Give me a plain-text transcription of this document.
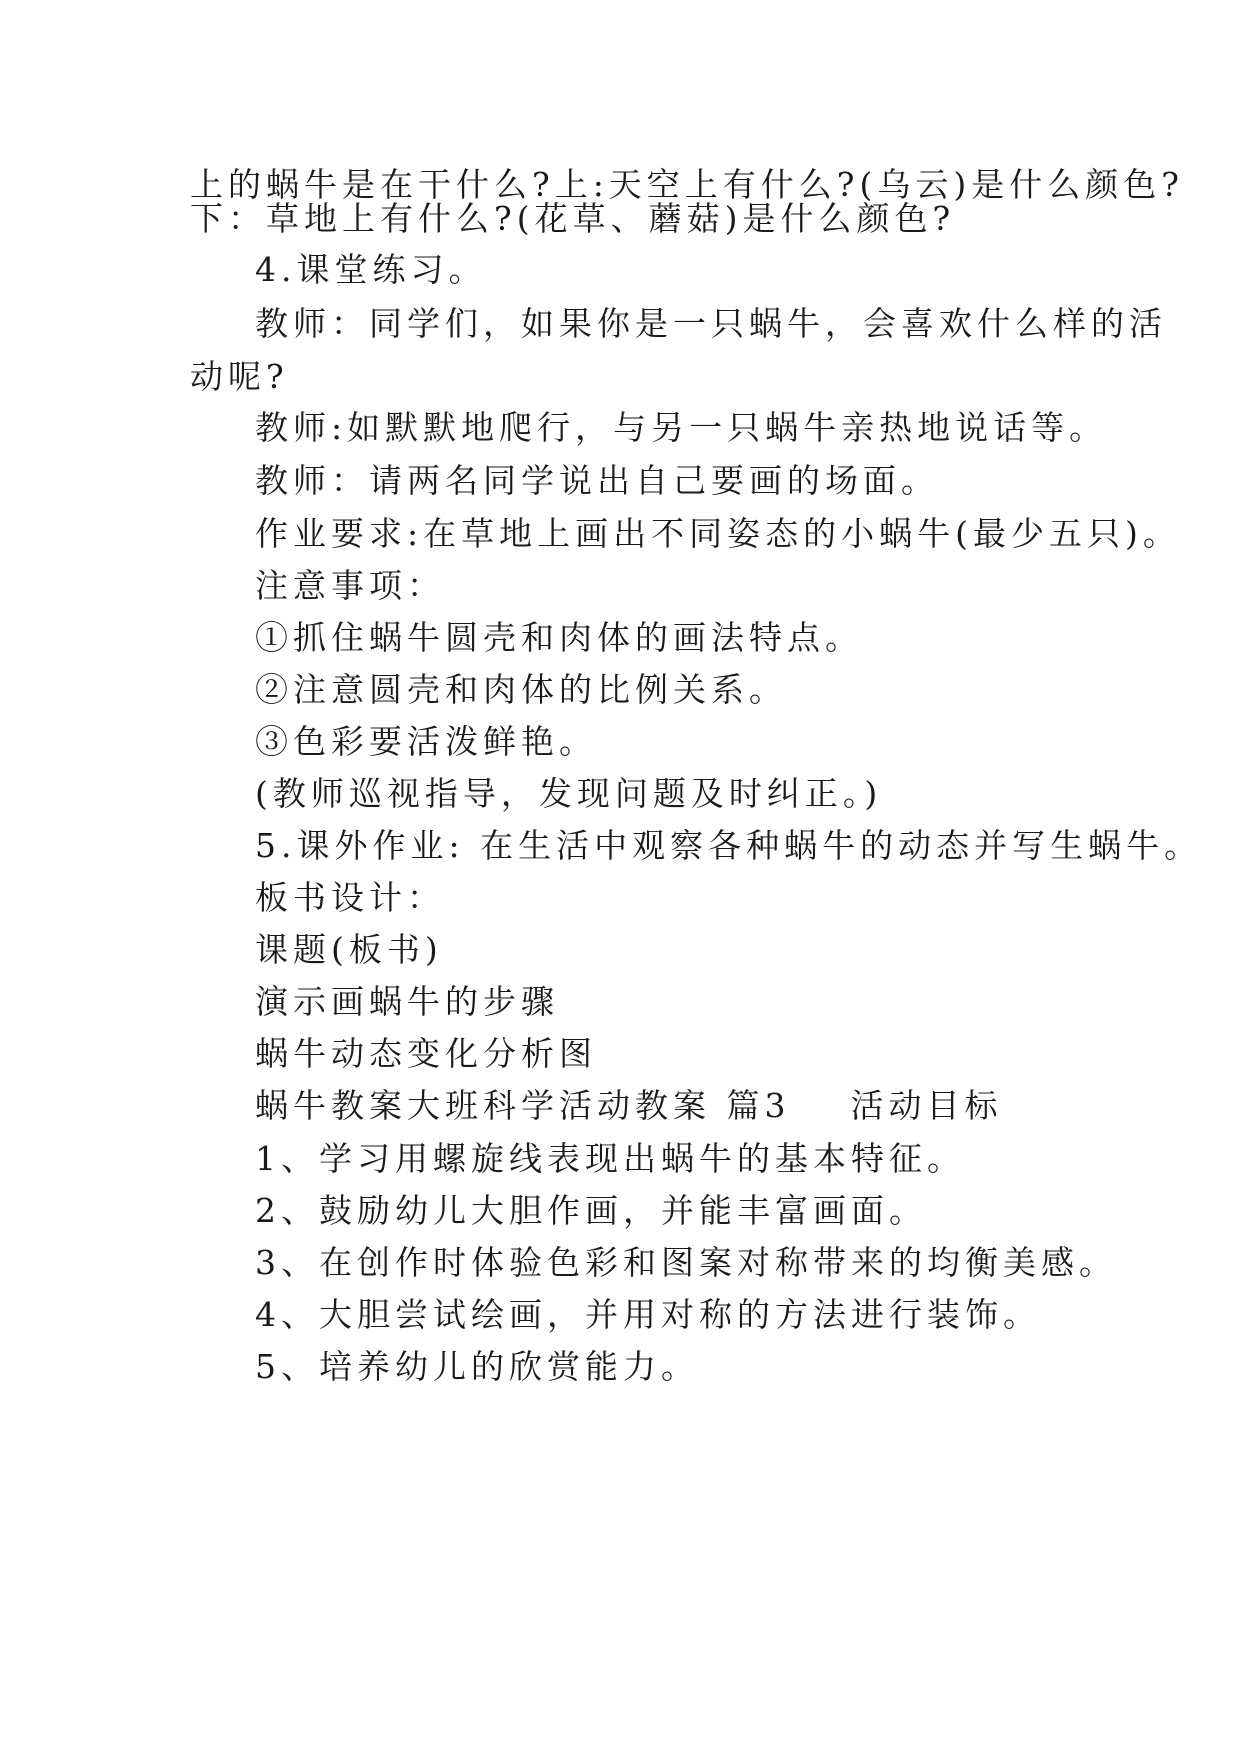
上的蜗牛是在干什么?上:天空上有什么?(乌云)是什么颜色?
下：草地上有什么?(花草、蘑菇)是什么颜色?
4.课堂练习。
教师：同学们，如果你是一只蜗牛，会喜欢什么样的活
动呢?
教师:如默默地爬行，与另一只蜗牛亲热地说话等。
教师：请两名同学说出自己要画的场面。
作业要求:在草地上画出不同姿态的小蜗牛(最少五只)。
注意事项：
①抓住蜗牛圆壳和肉体的画法特点。
②注意圆壳和肉体的比例关系。
③色彩要活泼鲜艳。
(教师巡视指导，发现问题及时纠正。)
5.课外作业: 在生活中观察各种蜗牛的动态并写生蜗牛。
板书设计：
课题(板书)
演示画蜗牛的步骤
蜗牛动态变化分析图
蜗牛教案大班科学活动教案 篇3 活动目标
1、学习用螺旋线表现出蜗牛的基本特征。
2、鼓励幼儿大胆作画，并能丰富画面。
3、在创作时体验色彩和图案对称带来的均衡美感。
4、大胆尝试绘画，并用对称的方法进行装饰。
5、培养幼儿的欣赏能力。
